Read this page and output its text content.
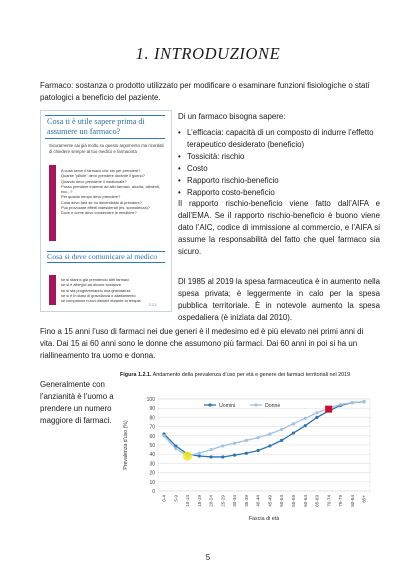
1. INTRODUZIONE
Farmaco: sostanza o prodotto utilizzato per modificare o esaminare funzioni fisiologiche o stati patologici a beneficio del paziente.
Cosa ti è utile sapere prima di assumere un farmaco?
Sicuramente sai già molto su questo argomento ma ricordati di chiedere sempre al tuo medico e farmacista
A cosa serve il farmaco che sto per prendere?
Quante "pillole" devo prendere durante il giorno?
Quando devo prenderle il medicinale?
Posso prendere insieme ad altri farmaci, alcolici, alimenti, ecc...?
Per quanto tempo devo prendere?
Cosa devo fare se ho dimenticato di prendere?
Può provocare effetti indesiderati (es. sonnolenza)?
Dove e come devo conservare le medicine?
Cosa si deve comunicare al medico
se si stanno già prendendo altri farmaci
se si è allergici ad alcune sostanze
se si sta programmando una gravidanza
se si è in stato di gravidanza o allattamento
se compaiono nuovi disturbi durante la terapia
2.2.1
Di un farmaco bisogna sapere:
• L’efficacia: capacità di un composto di indurre l’effetto terapeutico desiderato (beneficio)
• Tossicità: rischio
• Costo
• Rapporto rischio-beneficio
• Rapporto costo-beneficio
Il rapporto rischio-beneficio viene fatto dall’AIFA e dall’EMA. Se il rapporto rischio-beneficio è buono viene dato l’AIC, codice di immissione al commercio, e l’AIFA si assume la responsabilità del fatto che quel farmaco sia sicuro.
Dl 1985 al 2019 la spesa farmaceutica è in aumento nella spesa privata; è leggermente in calo per la spesa pubblica territoriale. È in notevole aumento la spesa ospedaliera (è iniziata dal 2010).
Fino a 15 anni l’uso di farmaci nei due generi è il medesimo ed è più elevato nei primi anni di vita. Dai 15 ai 60 anni sono le donne che assumono più farmaci. Dai 60 anni in poi si ha un riallineamento tra uomo e donna.
Generalmente con l’anzianità è l’uomo a prendere un numero maggiore di farmaci.
Figura 1.2.1. Andamento della prevalenza d’uso per età e genere dei farmaci territoriali nel 2019
0
10
20
30
40
50
60
70
80
90
100
0-4 5-9 10-14 15-19 20-24 25-29 30-34 35-39 40-44 45-49 50-54 55-59 60-64 65-69 70-74 75-79 80-84 85+
Prevalenza d’uso (%)
Fascia di età
Uomini	Donne
5
